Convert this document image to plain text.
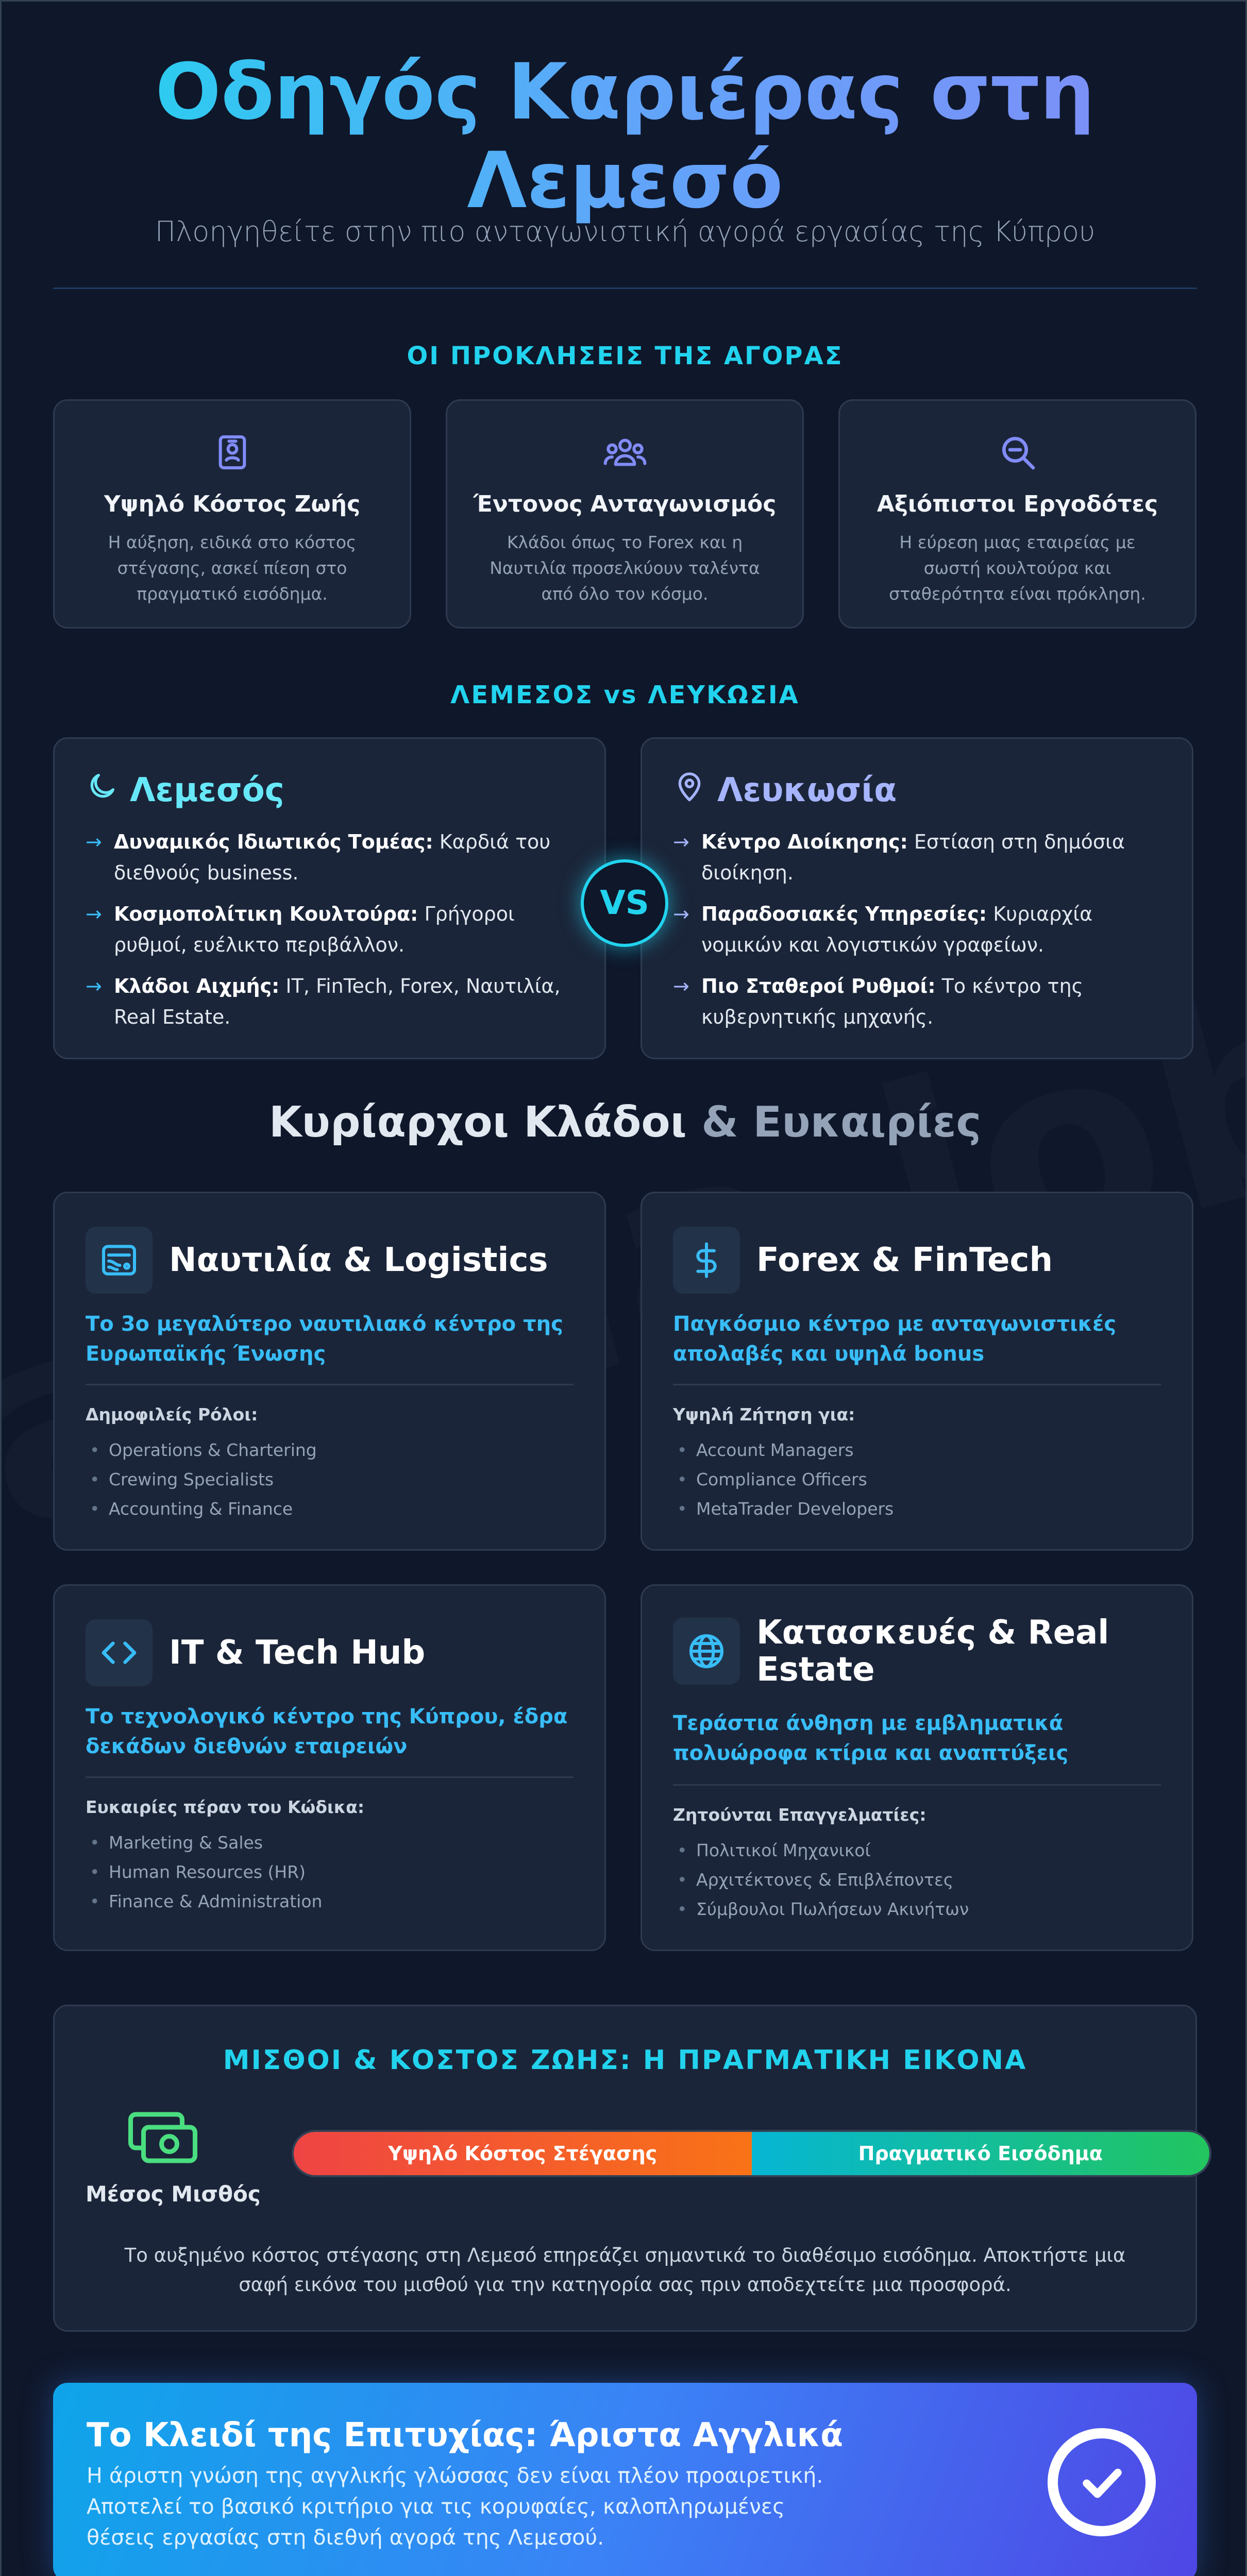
Οδηγός Καριέρας στη Λεμεσό
Πλοηγηθείτε στην πιο ανταγωνιστική αγορά εργασίας της Κύπρου
ΟΙ ΠΡΟΚΛΗΣΕΙΣ ΤΗΣ ΑΓΟΡΑΣ
Υψηλό Κόστος Ζωής
Η αύξηση, ειδικά στο κόστος στέγασης, ασκεί πίεση στο πραγματικό εισόδημα.
Έντονος Ανταγωνισμός
Κλάδοι όπως το Forex και η Ναυτιλία προσελκύουν ταλέντα από όλο τον κόσμο.
Αξιόπιστοι Εργοδότες
Η εύρεση μιας εταιρείας με σωστή κουλτούρα και σταθερότητα είναι πρόκληση.
ΛΕΜΕΣΟΣ vs ΛΕΥΚΩΣΙΑ
Λεμεσός
→ Δυναμικός Ιδιωτικός Τομέας: Καρδιά του διεθνούς business.
→ Κοσμοπολίτικη Κουλτούρα: Γρήγοροι ρυθμοί, ευέλικτο περιβάλλον.
→ Κλάδοι Αιχμής: IT, FinTech, Forex, Ναυτιλία, Real Estate.
Λευκωσία
→ Κέντρο Διοίκησης: Εστίαση στη δημόσια διοίκηση.
→ Παραδοσιακές Υπηρεσίες: Κυριαρχία νομικών και λογιστικών γραφείων.
→ Πιο Σταθεροί Ρυθμοί: Το κέντρο της κυβερνητικής μηχανής.
VS
Κυρίαρχοι Κλάδοι & Ευκαιρίες
Ναυτιλία & Logistics
Το 3ο μεγαλύτερο ναυτιλιακό κέντρο της Ευρωπαϊκής Ένωσης
Δημοφιλείς Ρόλοι:
• Operations & Chartering
• Crewing Specialists
• Accounting & Finance
Forex & FinTech
Παγκόσμιο κέντρο με ανταγωνιστικές απολαβές και υψηλά bonus
Υψηλή Ζήτηση για:
• Account Managers
• Compliance Officers
• MetaTrader Developers
IT & Tech Hub
Το τεχνολογικό κέντρο της Κύπρου, έδρα δεκάδων διεθνών εταιρειών
Ευκαιρίες πέραν του Κώδικα:
• Marketing & Sales
• Human Resources (HR)
• Finance & Administration
Κατασκευές & Real Estate
Τεράστια άνθηση με εμβληματικά πολυώροφα κτίρια και αναπτύξεις
Ζητούνται Επαγγελματίες:
• Πολιτικοί Μηχανικοί
• Αρχιτέκτονες & Επιβλέποντες
• Σύμβουλοι Πωλήσεων Ακινήτων
ΜΙΣΘΟΙ & ΚΟΣΤΟΣ ΖΩΗΣ: Η ΠΡΑΓΜΑΤΙΚΗ ΕΙΚΟΝΑ
Μέσος Μισθός
Υψηλό Κόστος Στέγασης	Πραγματικό Εισόδημα
Το αυξημένο κόστος στέγασης στη Λεμεσό επηρεάζει σημαντικά το διαθέσιμο εισόδημα. Αποκτήστε μια σαφή εικόνα του μισθού για την κατηγορία σας πριν αποδεχτείτε μια προσφορά.
Το Κλειδί της Επιτυχίας: Άριστα Αγγλικά
Η άριστη γνώση της αγγλικής γλώσσας δεν είναι πλέον προαιρετική. Αποτελεί το βασικό κριτήριο για τις κορυφαίες, καλοπληρωμένες θέσεις εργασίας στη διεθνή αγορά της Λεμεσού.
